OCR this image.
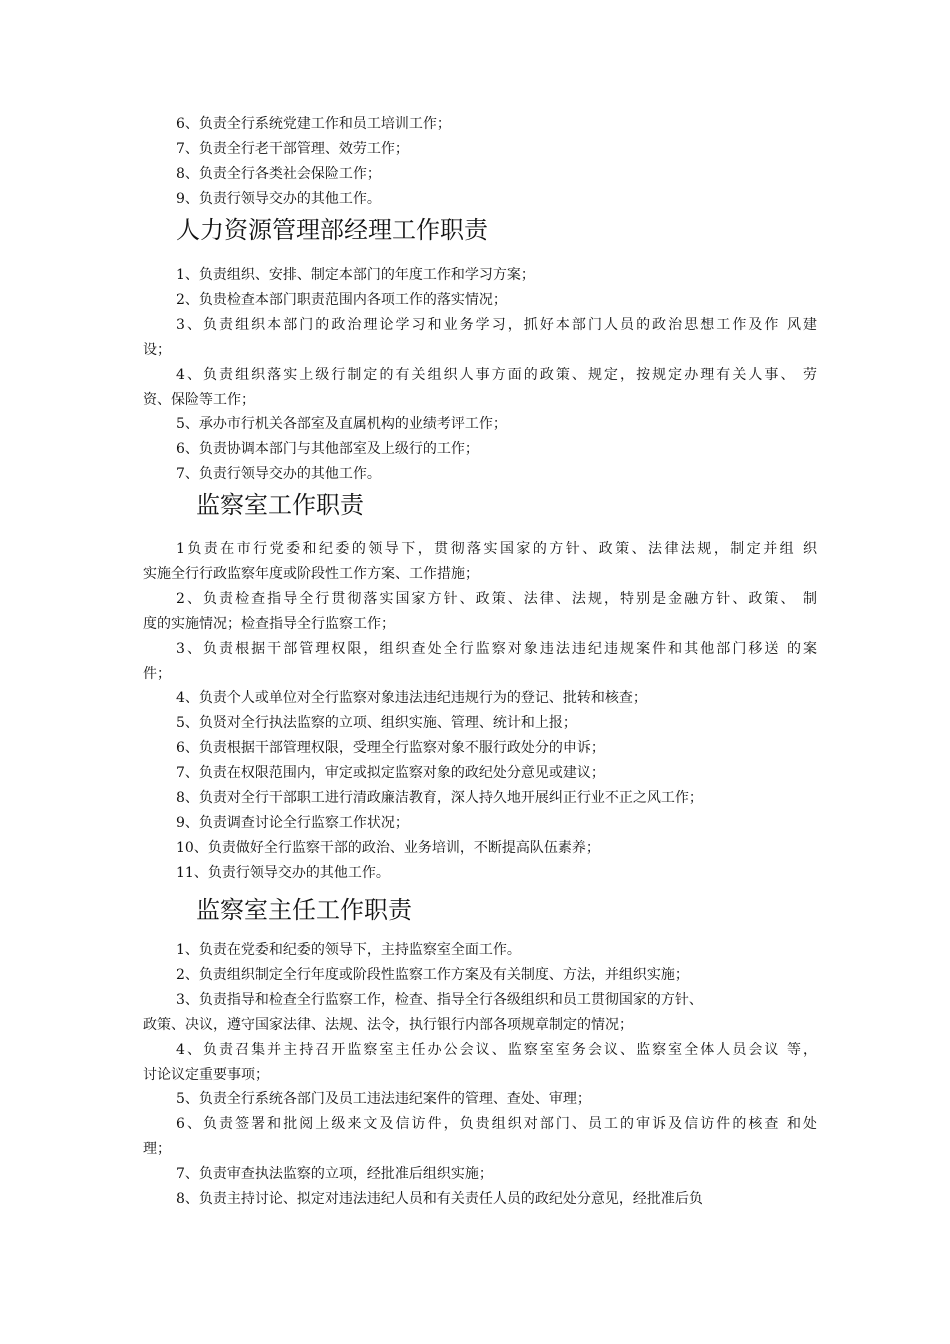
6、负责全行系统党建工作和员工培训工作；
7、负责全行老干部管理、效劳工作；
8、负责全行各类社会保险工作；
9、负责行领导交办的其他工作。
人力资源管理部经理工作职责
1、负责组织、安排、制定本部门的年度工作和学习方案；
2、负贵检查本部门职责范围内各项工作的落实情况；
3、负责组织本部门的政治理论学习和业务学习，抓好本部门人员的政治思想工作及作 风建
设；
4、负责组织落实上级行制定的有关组织人事方面的政策、规定，按规定办理有关人事、 劳
资、保险等工作；
5、承办市行机关各部室及直属机构的业绩考评工作；
6、负责协调本部门与其他部室及上级行的工作；
7、负责行领导交办的其他工作。
监察室工作职责
1负责在市行党委和纪委的领导下，贯彻落实国家的方针、政策、法律法规，制定并组 织
实施全行行政监察年度或阶段性工作方案、工作措施；
2、负责检查指导全行贯彻落实国家方针、政策、法律、法规，特别是金融方针、政策、 制
度的实施情况；检查指导全行监察工作；
3、负责根据干部管理权限，组织查处全行监察对象违法违纪违规案件和其他部门移送 的案
件；
4、负责个人或单位对全行监察对象违法违纪违规行为的登记、批转和核查；
5、负贤对全行执法监察的立项、组织实施、管理、统计和上报；
6、负责根据干部管理权限，受理全行监察对象不服行政处分的申诉；
7、负责在权限范围内，审定或拟定监察对象的政纪处分意见或建议；
8、负责对全行干部职工进行清政廉洁教育，深人持久地开展纠正行业不正之风工作；
9、负责调查讨论全行监察工作状况；
10、负责做好全行监察干部的政治、业务培训，不断提高队伍素养；
11、负责行领导交办的其他工作。
监察室主任工作职责
1、负责在党委和纪委的领导下，主持监察室全面工作。
2、负责组织制定全行年度或阶段性监察工作方案及有关制度、方法，并组织实施；
3、负责指导和检查全行监察工作，检查、指导全行各级组织和员工贯彻国家的方针、
政策、决议，遵守国家法律、法规、法令，执行银行内部各项规章制定的情况；
4、负责召集并主持召开监察室主任办公会议、监察室室务会议、监察室全体人员会议 等，
讨论议定重要事项；
5、负责全行系统各部门及员工违法违纪案件的管理、查处、审理；
6、负责签署和批阅上级来文及信访件，负贵组织对部门、员工的审诉及信访件的核查 和处
理；
7、负责审查执法监察的立项，经批准后组织实施；
8、负责主持讨论、拟定对违法违纪人员和有关责任人员的政纪处分意见，经批准后负
